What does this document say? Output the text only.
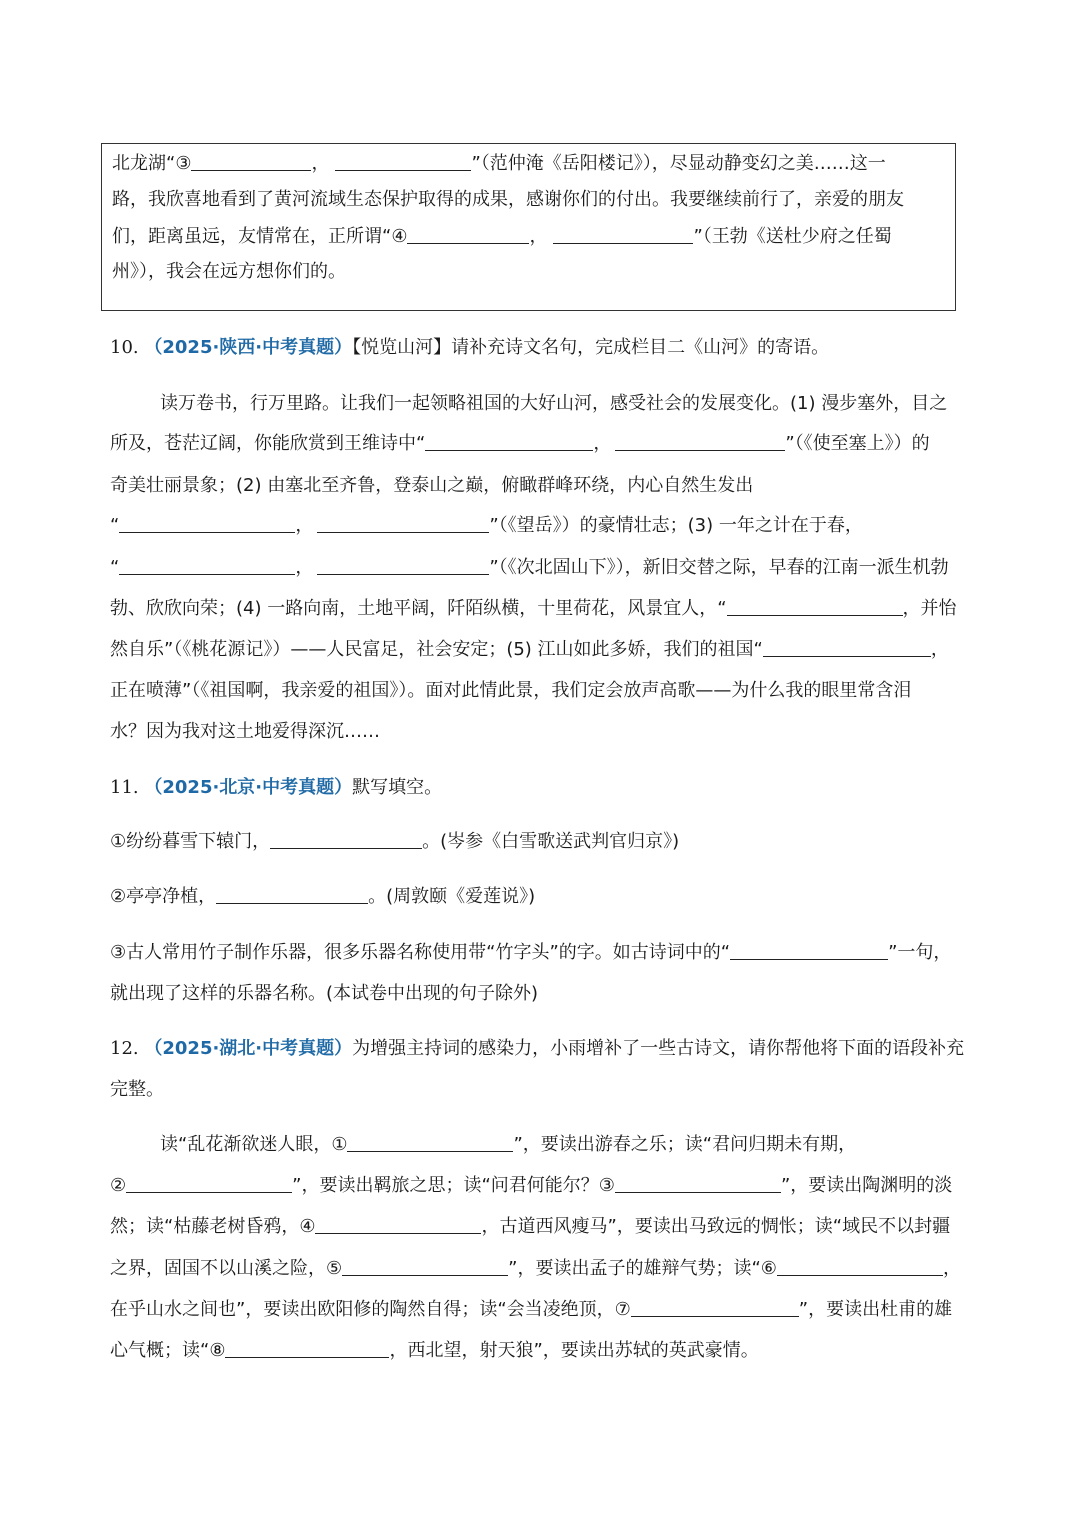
北龙湖“③	，	”（范仲淹《岳阳楼记》），尽显动静变幻之美……这一
路，我欣喜地看到了黄河流域生态保护取得的成果，感谢你们的付出。我要继续前行了，亲爱的朋友
们，距离虽远，友情常在，正所谓“④	，	”（王勃《送杜少府之任蜀
州》），我会在远方想你们的。
10. （2025·陕西·中考真题）【悦览山河】请补充诗文名句，完成栏目二《山河》的寄语。
读万卷书，行万里路。让我们一起领略祖国的大好山河，感受社会的发展变化。(1) 漫步塞外，目之
所及，苍茫辽阔，你能欣赏到王维诗中“	，	”（《使至塞上》）的
奇美壮丽景象；(2) 由塞北至齐鲁，登泰山之巅，俯瞰群峰环绕，内心自然生发出
“	，	”（《望岳》）的豪情壮志；(3) 一年之计在于春，
“	，	”（《次北固山下》），新旧交替之际，早春的江南一派生机勃
勃、欣欣向荣；(4) 一路向南，土地平阔，阡陌纵横，十里荷花，风景宜人，“	，并怡
然自乐”（《桃花源记》）——人民富足，社会安定；(5) 江山如此多娇，我们的祖国“	，
正在喷薄”（《祖国啊，我亲爱的祖国》）。面对此情此景，我们定会放声高歌——为什么我的眼里常含泪
水？因为我对这土地爱得深沉……
11. （2025·北京·中考真题）默写填空。
①纷纷暮雪下辕门，	。(岑参《白雪歌送武判官归京》)
②亭亭净植，	。(周敦颐《爱莲说》)
③古人常用竹子制作乐器，很多乐器名称使用带“竹字头”的字。如古诗词中的“	”一句，
就出现了这样的乐器名称。(本试卷中出现的句子除外)
12. （2025·湖北·中考真题）为增强主持词的感染力，小雨增补了一些古诗文，请你帮他将下面的语段补充
完整。
读“乱花渐欲迷人眼，①	”，要读出游春之乐；读“君问归期未有期，
②	”，要读出羁旅之思；读“问君何能尔？③	”，要读出陶渊明的淡
然；读“枯藤老树昏鸦，④	，古道西风瘦马”，要读出马致远的惆怅；读“域民不以封疆
之界，固国不以山溪之险，⑤	”，要读出孟子的雄辩气势；读“⑥	，
在乎山水之间也”，要读出欧阳修的陶然自得；读“会当凌绝顶，⑦	”，要读出杜甫的雄
心气概；读“⑧	，西北望，射天狼”，要读出苏轼的英武豪情。
